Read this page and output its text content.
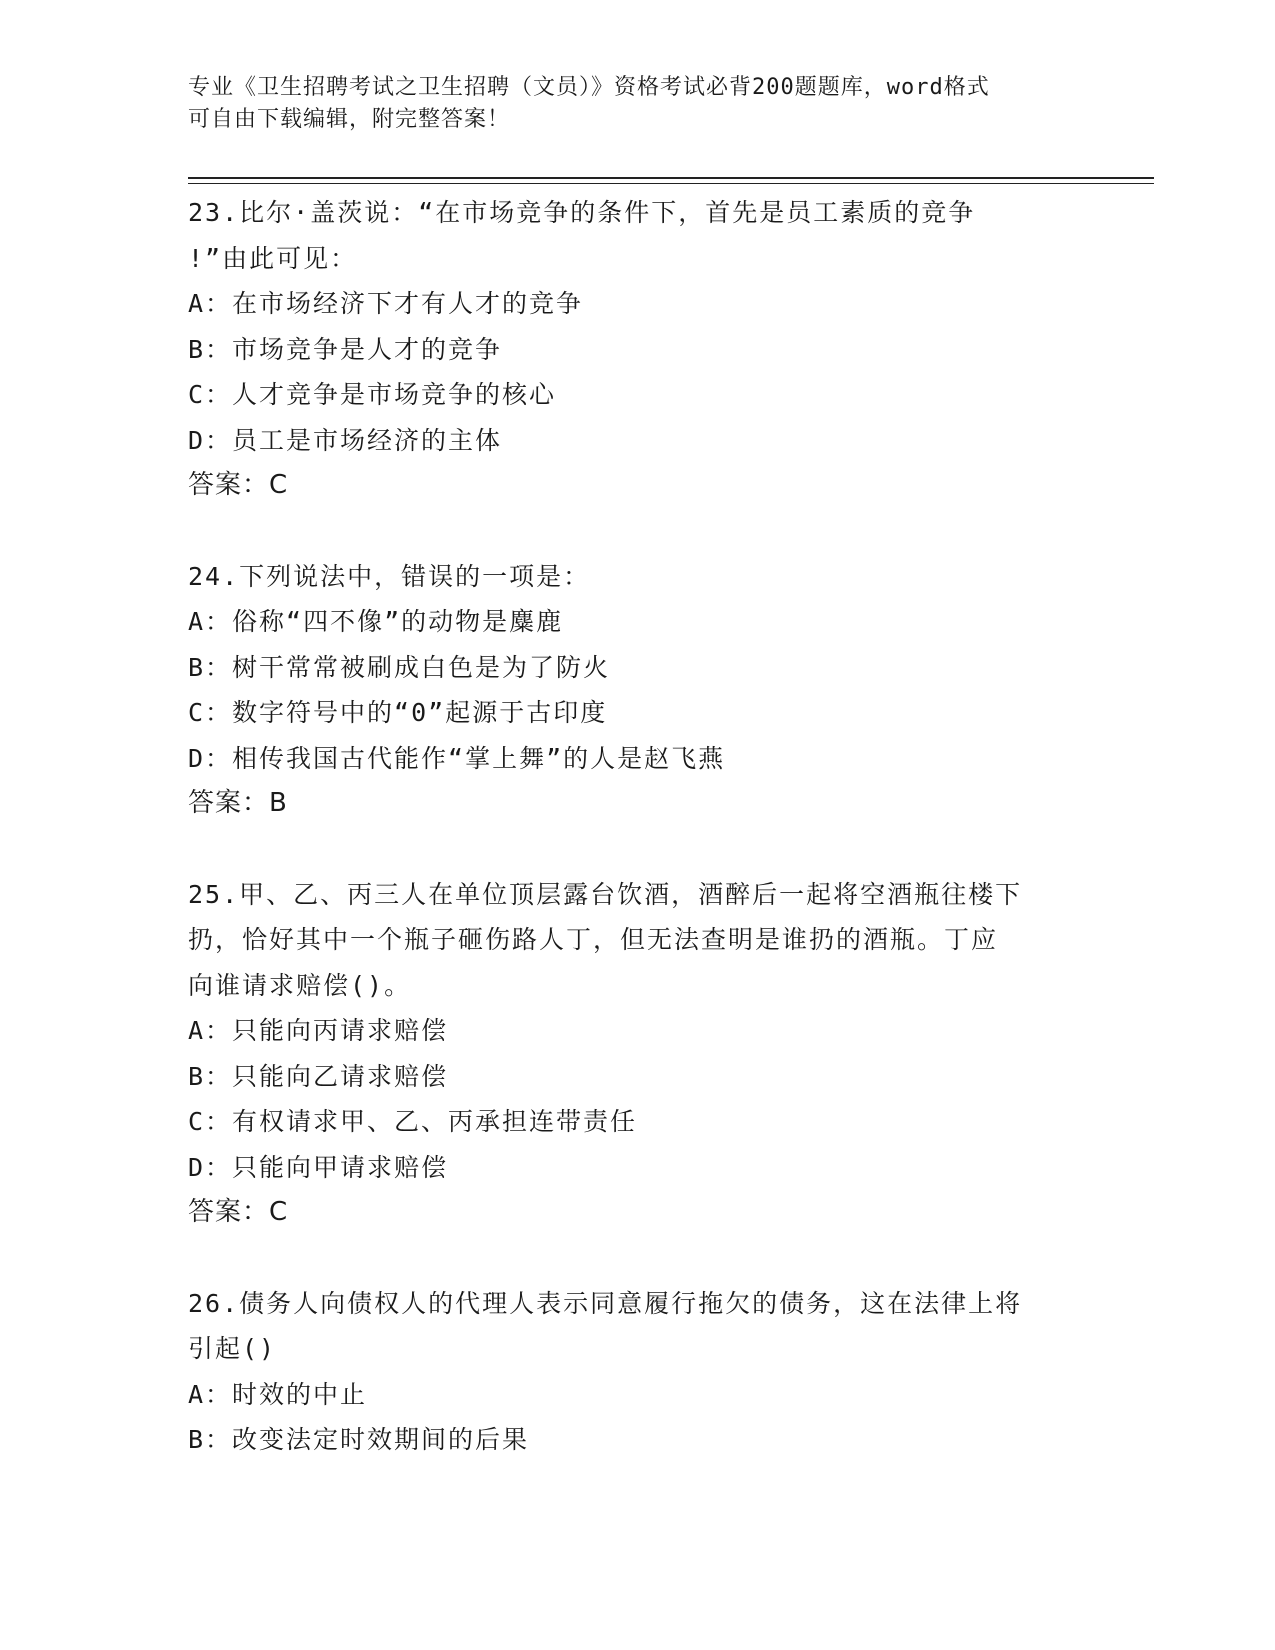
专业《卫生招聘考试之卫生招聘（文员）》资格考试必背200题题库，word格式
可自由下载编辑，附完整答案！
23.比尔·盖茨说：“在市场竞争的条件下，首先是员工素质的竞争
!”由此可见：
A：在市场经济下才有人才的竞争
B：市场竞争是人才的竞争
C：人才竞争是市场竞争的核心
D：员工是市场经济的主体
答案：C
24.下列说法中，错误的一项是：
A：俗称“四不像”的动物是麋鹿
B：树干常常被刷成白色是为了防火
C：数字符号中的“0”起源于古印度
D：相传我国古代能作“掌上舞”的人是赵飞燕
答案：B
25.甲、乙、丙三人在单位顶层露台饮酒，酒醉后一起将空酒瓶往楼下
扔，恰好其中一个瓶子砸伤路人丁，但无法查明是谁扔的酒瓶。丁应
向谁请求赔偿()。
A：只能向丙请求赔偿
B：只能向乙请求赔偿
C：有权请求甲、乙、丙承担连带责任
D：只能向甲请求赔偿
答案：C
26.债务人向债权人的代理人表示同意履行拖欠的债务，这在法律上将
引起()
A：时效的中止
B：改变法定时效期间的后果
